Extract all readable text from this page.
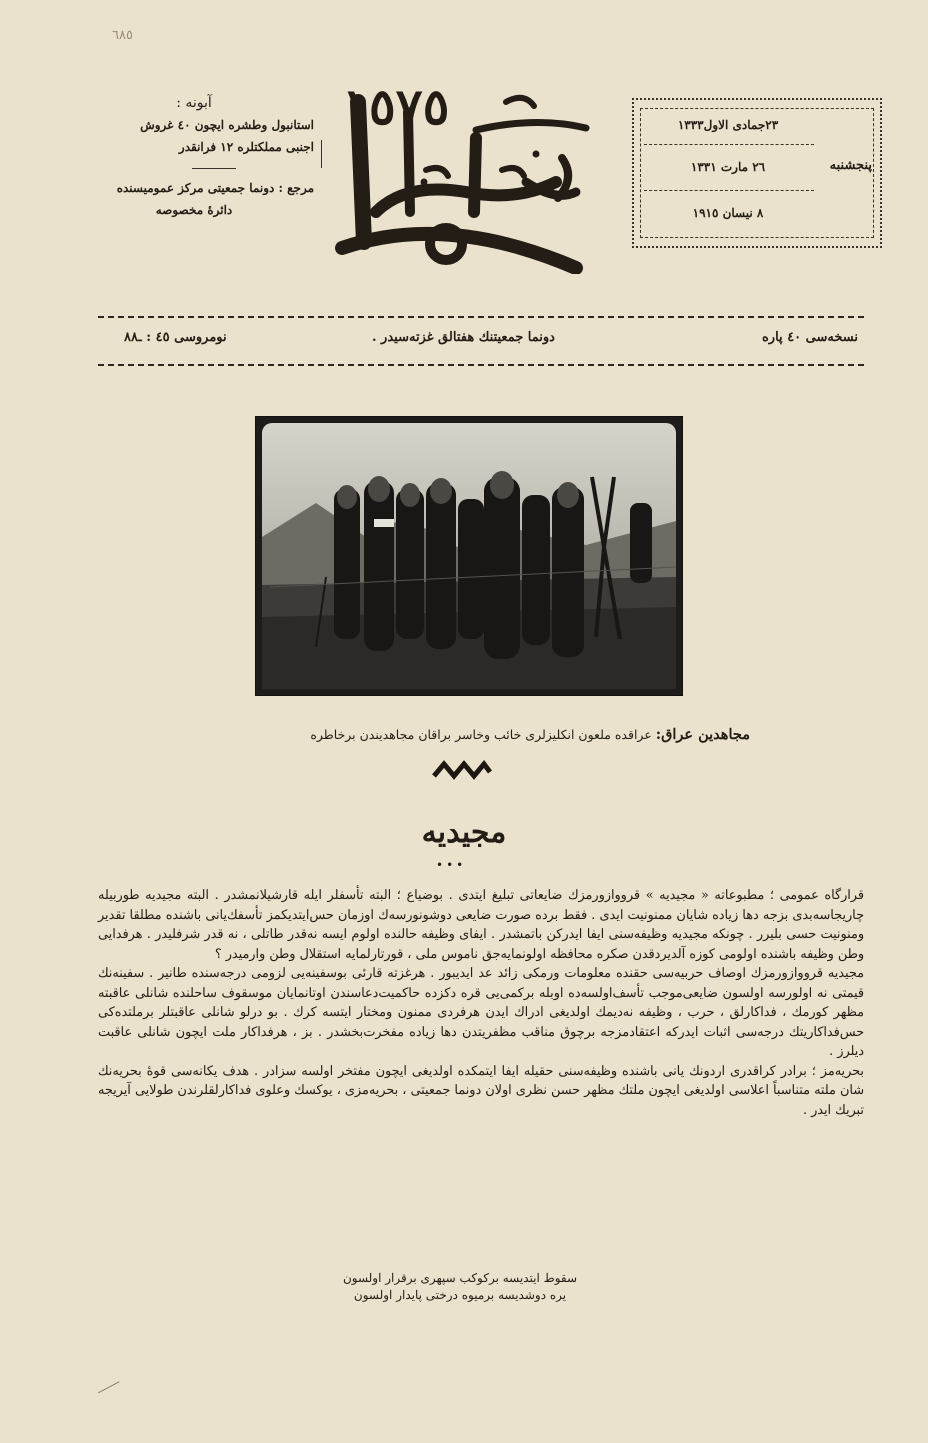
٦٨٥
آبونه :
استانبول وطشره ايچون ٤٠ غروش
اجنبی مملکتلره ١٢ فرانقدر
مرجع : دونما جمعیتی مرکز عمومیسنده
دائرهٔ مخصوصه
١٥٧٥	٢٣جمادی الاول١٣٣٣
٢٦ مارت ١٣٣١
٨ نیسان ١٩١٥
پنجشنبه
نسخه‌سی ٤٠ پاره
دونما جمعیتنك هفتالق غزته‌سیدر .
نومرو‌سی ٤٥ : ـ٨٨
مجاهدین عراق: عراقده ملعون انکلیزلری خائب وخاسر براقان مجاهدیندن برخاطره
مجیدیه
•••

قرارگاه عمومی ؛ مطبوعاته « مجیدیه » قرووازورمزك ضایعاتی تبلیغ ایتدی . بوضیاع ؛ البته تأسفلر ایله قارشیلانمشدر . البته مجیدیه طوربیله چاریجاسه‌بدی بزجه دها زیاده شایان ممنونیت ایدی . فقط برده صورت ضایعی دوشونورسه‌ك اوزمان حس‌ایتدیکمز تأسفك‌یانی باشنده مطلقا تقدیر ومنونیت حسی بلیرر . چونکه مجیدیه وظیفه‌سنی ایفا ایدرکن باتمشدر . ایفای وظیفه حالنده اولوم ایسه نه‌قدر طاتلی ، نه قدر شرفلیدر . هرفدایی وطن وظیفه باشنده اولومی کوزه آلدیردقدن صکره محافظه اولونمایه‌جق ناموس ملی ، قورتارلمایه استقلال وطن وارمیدر ؟

مجیدیه قرووازورمزك اوصاف حربیه‌سی حقنده معلومات ورمکی زائد عد ایدیبور . هرغزته قارئی بوسفینه‌یی لزومی درجه‌سنده طانیر . سفینه‌نك قیمتی نه اولورسه اولسون ضایعی‌موجب تأسف‌اولسه‌ده اوبله برکمی‌یی قره دکزده حاکمیت‌دعاسندن اوتانمایان موسقوف ساحلنده شانلی عاقبته مظهر کورمك ، فداکارلق ، حرب ، وظیفه نه‌دیمك اولدیغی ادراك ایدن هرفردی ممنون ومختار ایتسه کرك . بو درلو شانلی عاقبتلر برملتده‌کی حس‌فداکاریتك درجه‌سی اثبات ایدرکه اعتقادمزجه برچوق مناقب مظفریتدن دها زیاده مفخرت‌بخشدر . بز ، هرفداکار ملت ایچون شانلی عاقبت دیلرز .

بحریه‌مز ؛ برادر کراقدری اردونك یانی باشنده وظیفه‌سنی حقیله ایفا ایتمکده اولدیغی ایچون مفتخر اولسه سزادر . هدف یکانه‌سی قوهٔ بحریه‌نك شان ملته متناسباً اعلاسی اولدیغی ایچون ملتك مظهر حسن نظری اولان دونما جمعیتی ، بحریه‌مزی ، یوکسك وعلوی فداکارلقلرندن طولایی آیریجه تبریك ایدر .

سقوط ایتدیسه برکوکب سپهری برقرار اولسون
یره دوشدیسه برمیوه درختی پایدار اولسون
